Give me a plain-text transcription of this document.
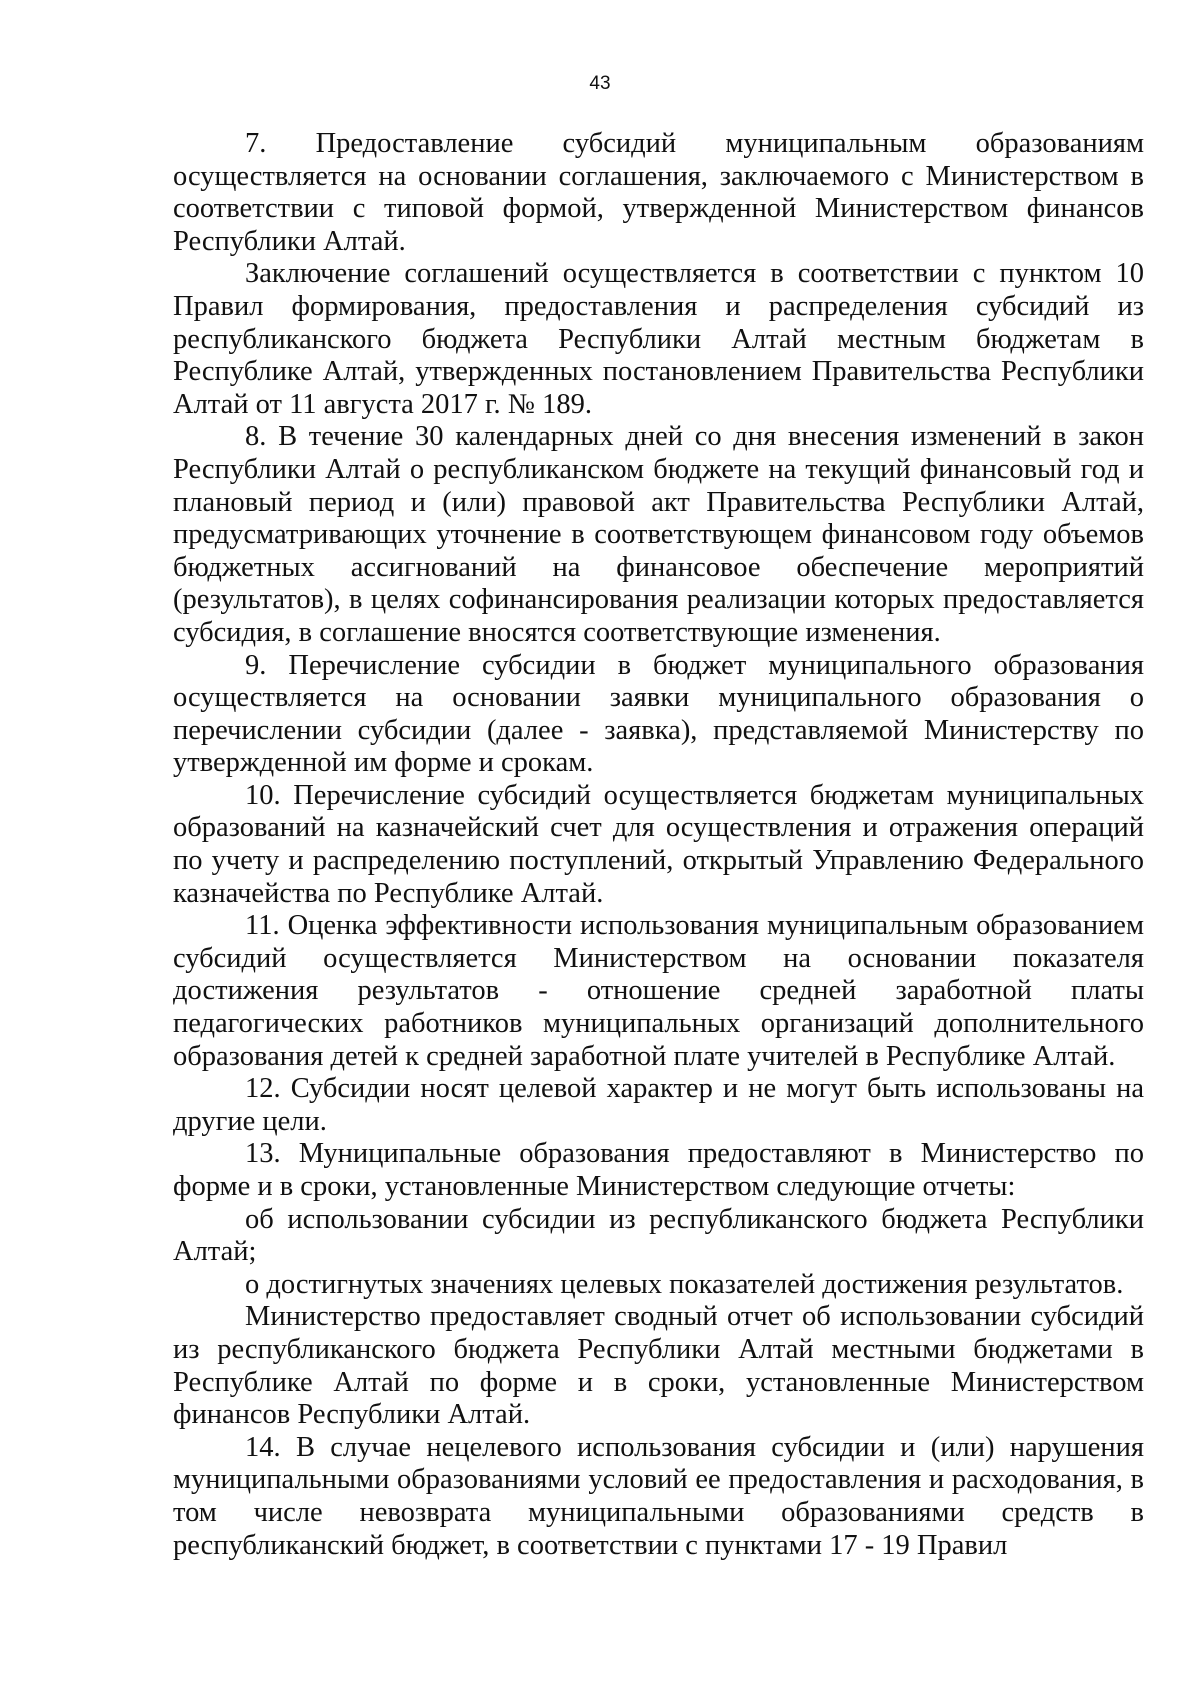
43

7. Предоставление субсидий муниципальным образованиям осуществляется на основании соглашения, заключаемого с Министерством в соответствии с типовой формой, утвержденной Министерством финансов Республики Алтай.

Заключение соглашений осуществляется в соответствии с пунктом 10 Правил формирования, предоставления и распределения субсидий из республиканского бюджета Республики Алтай местным бюджетам в Республике Алтай, утвержденных постановлением Правительства Республики Алтай от 11 августа 2017 г. № 189.

8. В течение 30 календарных дней со дня внесения изменений в закон Республики Алтай о республиканском бюджете на текущий финансовый год и плановый период и (или) правовой акт Правительства Республики Алтай, предусматривающих уточнение в соответствующем финансовом году объемов бюджетных ассигнований на финансовое обеспечение мероприятий (результатов), в целях софинансирования реализации которых предоставляется субсидия, в соглашение вносятся соответствующие изменения.

9. Перечисление субсидии в бюджет муниципального образования осуществляется на основании заявки муниципального образования о перечислении субсидии (далее - заявка), представляемой Министерству по утвержденной им форме и срокам.

10. Перечисление субсидий осуществляется бюджетам муниципальных образований на казначейский счет для осуществления и отражения операций по учету и распределению поступлений, открытый Управлению Федерального казначейства по Республике Алтай.

11. Оценка эффективности использования муниципальным образованием субсидий осуществляется Министерством на основании показателя достижения результатов - отношение средней заработной платы педагогических работников муниципальных организаций дополнительного образования детей к средней заработной плате учителей в Республике Алтай.

12. Субсидии носят целевой характер и не могут быть использованы на другие цели.

13. Муниципальные образования предоставляют в Министерство по форме и в сроки, установленные Министерством следующие отчеты:

об использовании субсидии из республиканского бюджета Республики Алтай;

о достигнутых значениях целевых показателей достижения результатов.

Министерство предоставляет сводный отчет об использовании субсидий из республиканского бюджета Республики Алтай местными бюджетами в Республике Алтай по форме и в сроки, установленные Министерством финансов Республики Алтай.

14. В случае нецелевого использования субсидии и (или) нарушения муниципальными образованиями условий ее предоставления и расходования, в том числе невозврата муниципальными образованиями средств в республиканский бюджет, в соответствии с пунктами 17 - 19 Правил
